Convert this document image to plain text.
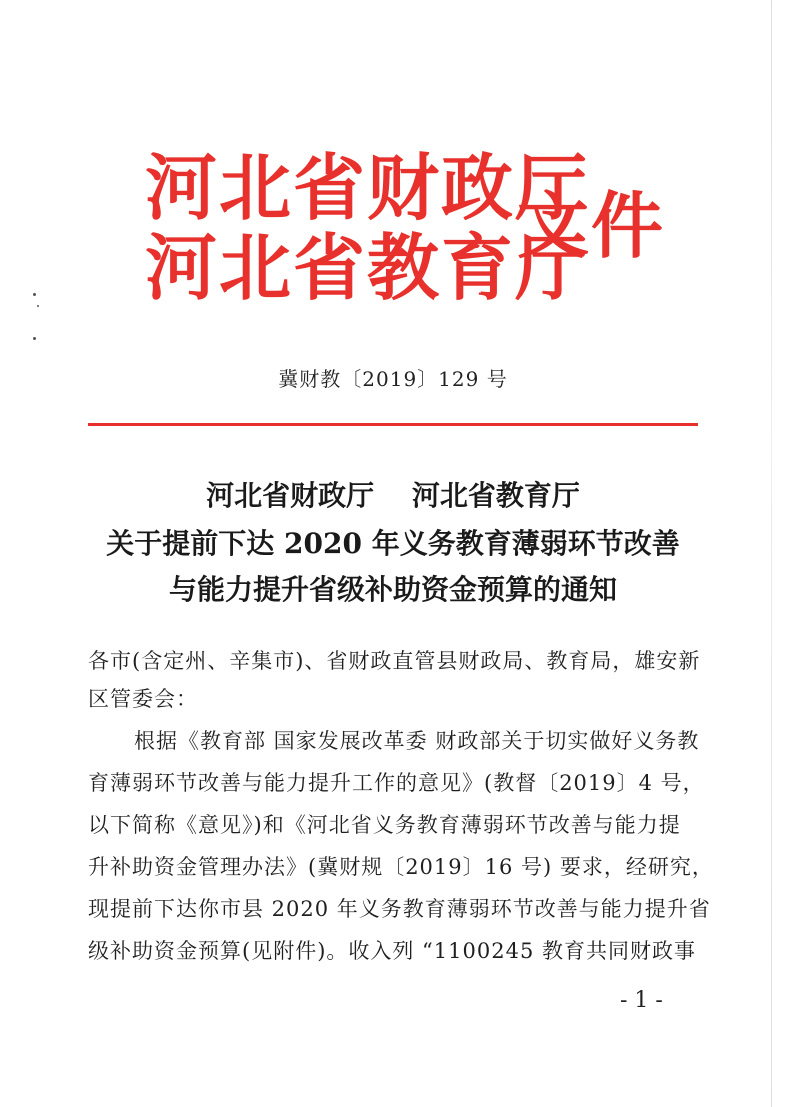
河北省财政厅
河北省教育厅
文件
冀财教〔2019〕129 号
河北省财政厅 河北省教育厅
关于提前下达 2020 年义务教育薄弱环节改善
与能力提升省级补助资金预算的通知
各市(含定州、辛集市)、省财政直管县财政局、教育局，雄安新
区管委会：
根据《教育部 国家发展改革委 财政部关于切实做好义务教
育薄弱环节改善与能力提升工作的意见》(教督〔2019〕4 号，
以下简称《意见》)和《河北省义务教育薄弱环节改善与能力提
升补助资金管理办法》(冀财规〔2019〕16 号) 要求，经研究，
现提前下达你市县 2020 年义务教育薄弱环节改善与能力提升省
级补助资金预算(见附件)。收入列 “1100245 教育共同财政事
- 1 -
